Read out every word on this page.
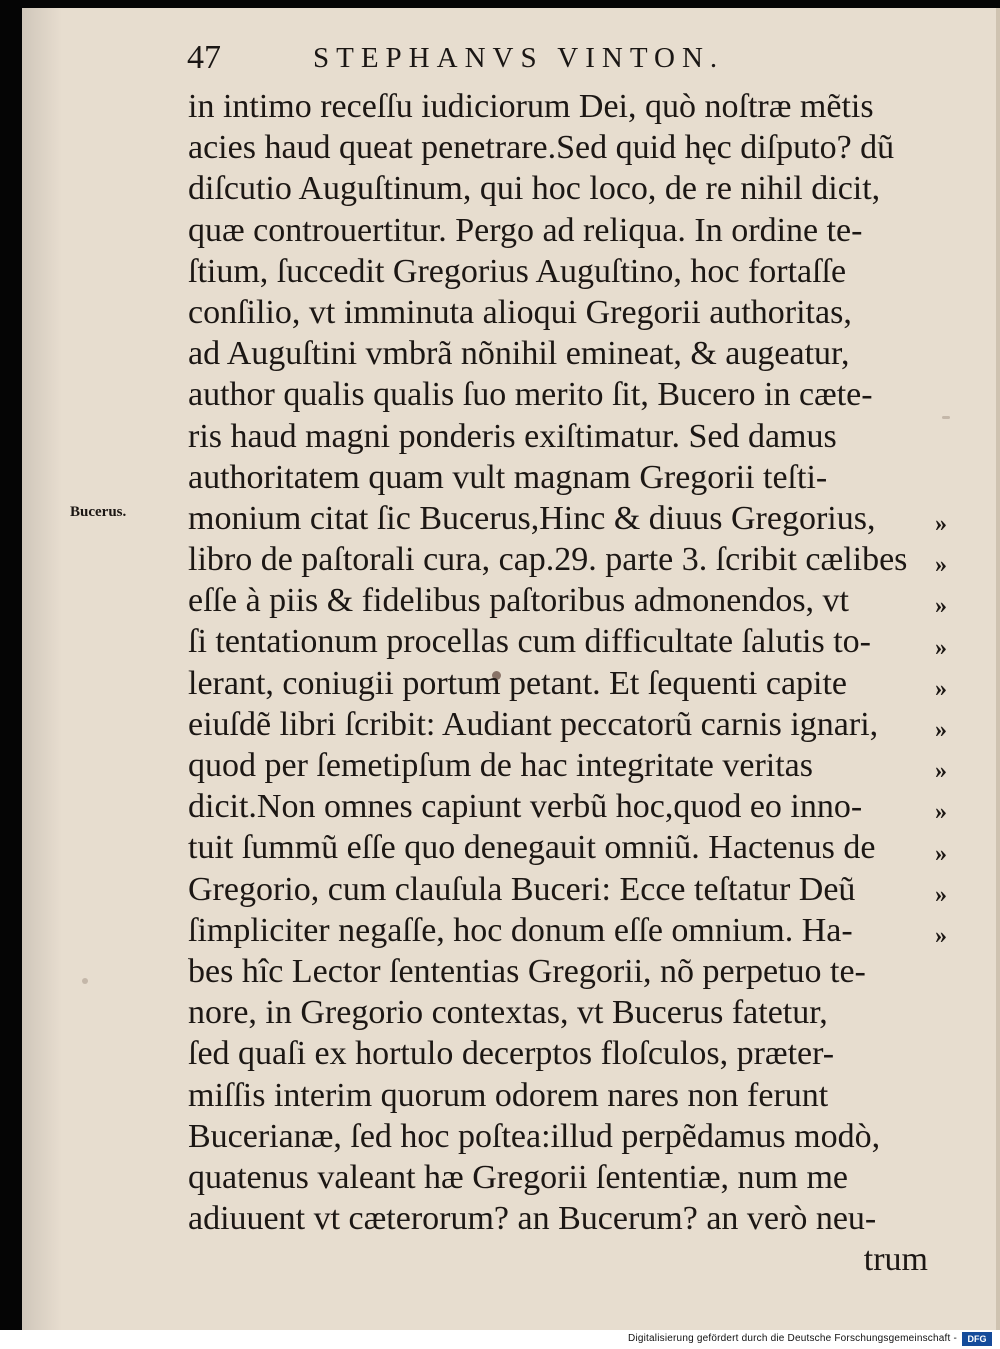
47	STEPHANVS VINTON.
Bucerus.
in intimo receſſu iudiciorum Dei, quò noſtræ mẽtis
acies haud queat penetrare.Sed quid hęc diſputo? dũ
diſcutio Auguſtinum, qui hoc loco, de re nihil dicit,
quæ controuertitur. Pergo ad reliqua. In ordine te-
ſtium, ſuccedit Gregorius Auguſtino, hoc fortaſſe
conſilio, vt imminuta alioqui Gregorii authoritas,
ad Auguſtini vmbrã nõnihil emineat, & augeatur,
author qualis qualis ſuo merito ſit, Bucero in cæte-
ris haud magni ponderis exiſtimatur. Sed damus
authoritatem quam vult magnam Gregorii teſti-
monium citat ſic Bucerus,Hinc & diuus Gregorius,
libro de paſtorali cura, cap.29. parte 3. ſcribit cælibes
eſſe à piis & fidelibus paſtoribus admonendos, vt
ſi tentationum procellas cum difficultate ſalutis to-
lerant, coniugii portum petant. Et ſequenti capite
eiuſdẽ libri ſcribit: Audiant peccatorũ carnis ignari,
quod per ſemetipſum de hac integritate veritas
dicit.Non omnes capiunt verbũ hoc,quod eo inno-
tuit ſummũ eſſe quo denegauit omniũ. Hactenus de
Gregorio, cum clauſula Buceri: Ecce teſtatur Deũ
ſimpliciter negaſſe, hoc donum eſſe omnium. Ha-
bes hîc Lector ſententias Gregorii, nõ perpetuo te-
nore, in Gregorio contextas, vt Bucerus fatetur,
ſed quaſi ex hortulo decerptos floſculos, præter-
miſſis interim quorum odorem nares non ferunt
Bucerianæ, ſed hoc poſtea:illud perpẽdamus modò,
quatenus valeant hæ Gregorii ſententiæ, num me
adiuuent vt cæterorum? an Bucerum? an verò neu-
trum
»
»
»
»
»
»
»
»
»
»
»
Digitalisierung gefördert durch die Deutsche Forschungsgemeinschaft -	DFG
